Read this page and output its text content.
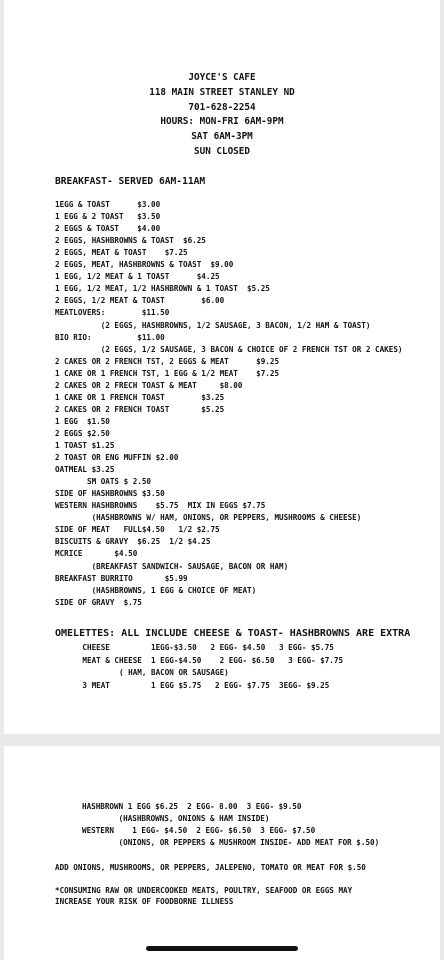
JOYCE'S CAFE

118 MAIN STREET STANLEY ND

701-628-2254

HOURS: MON-FRI 6AM-9PM

SAT 6AM-3PM

SUN CLOSED

BREAKFAST- SERVED 6AM-11AM

1EGG & TOAST      $3.00

1 EGG & 2 TOAST   $3.50

2 EGGS & TOAST    $4.00

2 EGGS, HASHBROWNS & TOAST  $6.25

2 EGGS, MEAT & TOAST    $7.25

2 EGGS, MEAT, HASHBROWNS & TOAST  $9.00

1 EGG, 1/2 MEAT & 1 TOAST      $4.25

1 EGG, 1/2 MEAT, 1/2 HASHBROWN & 1 TOAST  $5.25

2 EGGS, 1/2 MEAT & TOAST        $6.00

MEATLOVERS:        $11.50

(2 EGGS, HASHBROWNS, 1/2 SAUSAGE, 3 BACON, 1/2 HAM & TOAST)

BIO RIO:          $11.00

(2 EGGS, 1/2 SAUSAGE, 3 BACON & CHOICE OF 2 FRENCH TST OR 2 CAKES)

2 CAKES OR 2 FRENCH TST, 2 EGGS & MEAT      $9.25

1 CAKE OR 1 FRENCH TST, 1 EGG & 1/2 MEAT    $7.25

2 CAKES OR 2 FRECH TOAST & MEAT     $8.00

1 CAKE OR 1 FRENCH TOAST        $3.25

2 CAKES OR 2 FRENCH TOAST       $5.25

1 EGG  $1.50

2 EGGS $2.50

1 TOAST $1.25

2 TOAST OR ENG MUFFIN $2.00

OATMEAL $3.25

SM OATS $ 2.50

SIDE OF HASHBROWNS $3.50

WESTERN HASHBROWNS    $5.75  MIX IN EGGS $7.75

(HASHBROWNS W/ HAM, ONIONS, OR PEPPERS, MUSHROOMS & CHEESE)

SIDE OF MEAT   FULL$4.50   1/2 $2.75

BISCUITS & GRAVY  $6.25  1/2 $4.25

MCRICE       $4.50

(BREAKFAST SANDWICH- SAUSAGE, BACON OR HAM)

BREAKFAST BURRITO       $5.99

(HASHBROWNS, 1 EGG & CHOICE OF MEAT)

SIDE OF GRAVY  $.75

OMELETTES: ALL INCLUDE CHEESE & TOAST- HASHBROWNS ARE EXTRA

CHEESE         1EGG-$3.50   2 EGG- $4.50   3 EGG- $5.75

MEAT & CHEESE  1 EGG-$4.50    2 EGG- $6.50   3 EGG- $7.75

( HAM, BACON OR SAUSAGE)

3 MEAT         1 EGG $5.75   2 EGG- $7.75  3EGG- $9.25

HASHBROWN 1 EGG $6.25  2 EGG- 8.00  3 EGG- $9.50

(HASHBROWNS, ONIONS & HAM INSIDE)

WESTERN    1 EGG- $4.50  2 EGG- $6.50  3 EGG- $7.50

(ONIONS, OR PEPPERS & MUSHROOM INSIDE- ADD MEAT FOR $.50)

ADD ONIONS, MUSHROOMS, OR PEPPERS, JALEPENO, TOMATO OR MEAT FOR $.50

*CONSUMING RAW OR UNDERCOOKED MEATS, POULTRY, SEAFOOD OR EGGS MAY

INCREASE YOUR RISK OF FOODBORNE ILLNESS
